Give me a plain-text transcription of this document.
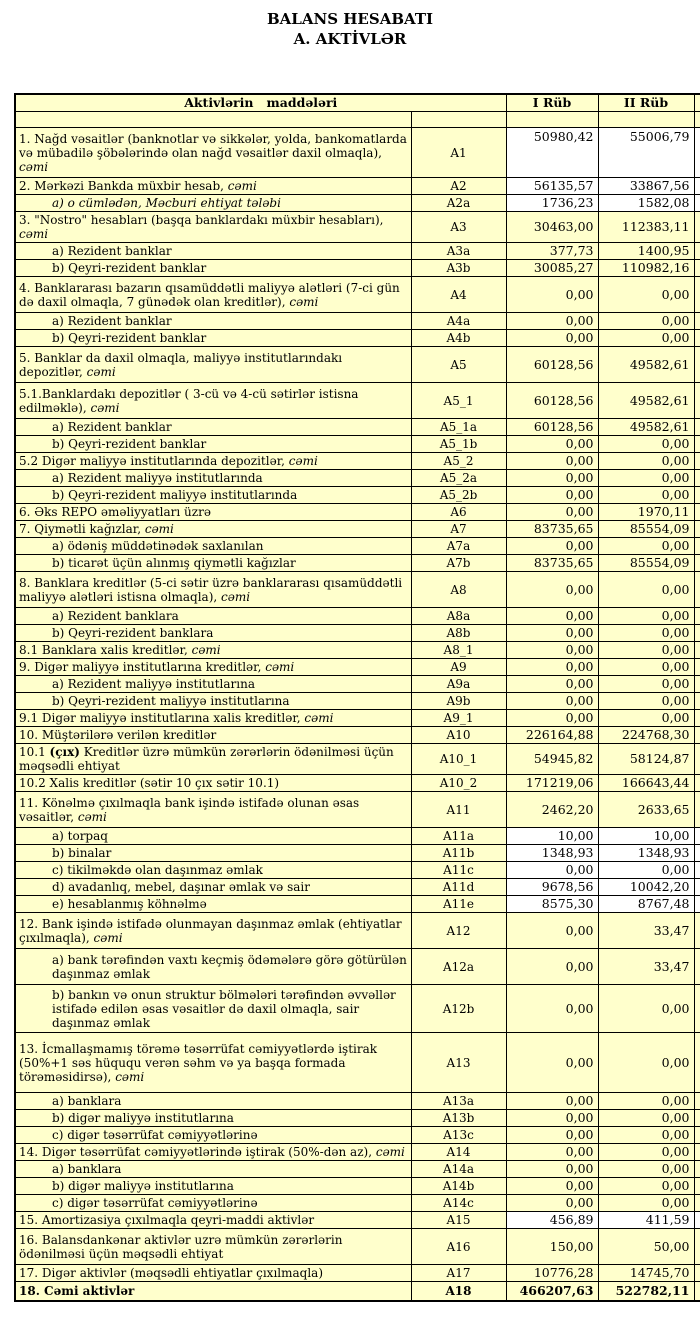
BALANS HESABATI
A. AKTİVLƏR
Aktivlərin   maddələri		I Rüb	II Rüb	

1. Nağd vəsaitlər (banknotlar və sikkələr, yolda, bankomatlarda və mübadilə şöbələrində olan nağd vəsaitlər daxil olmaqla), cəmi	A1	50980,42	55006,79	
2. Mərkəzi Bankda müxbir hesab, cəmi	A2	56135,57	33867,56	
a) o cümlədən, Məcburi ehtiyat tələbi	A2a	1736,23	1582,08	
3. "Nostro" hesabları (başqa banklardakı müxbir hesabları), cəmi	A3	30463,00	112383,11	
a) Rezident banklar	A3a	377,73	1400,95	
b) Qeyri-rezident banklar	A3b	30085,27	110982,16	
4. Banklararası bazarın qısamüddətli maliyyə alətləri (7-ci gün də daxil olmaqla, 7 günədək olan kreditlər), cəmi	A4	0,00	0,00	
a) Rezident banklar	A4a	0,00	0,00	
b) Qeyri-rezident banklar	A4b	0,00	0,00	
5. Banklar da daxil olmaqla, maliyyə institutlarındakı depozitlər, cəmi	A5	60128,56	49582,61	
5.1.Banklardakı depozitlər ( 3-cü və 4-cü sətirlər istisna edilməklə), cəmi	A5_1	60128,56	49582,61	
a) Rezident banklar	A5_1a	60128,56	49582,61	
b) Qeyri-rezident banklar	A5_1b	0,00	0,00	
5.2 Digər maliyyə institutlarında depozitlər, cəmi	A5_2	0,00	0,00	
a) Rezident maliyyə institutlarında	A5_2a	0,00	0,00	
b) Qeyri-rezident maliyyə institutlarında	A5_2b	0,00	0,00	
6. Əks REPO əməliyyatları üzrə	A6	0,00	1970,11	
7. Qiymətli kağızlar, cəmi	A7	83735,65	85554,09	
a) ödəniş müddətinədək saxlanılan	A7a	0,00	0,00	
b) ticarət üçün alınmış qiymətli kağızlar	A7b	83735,65	85554,09	
8. Banklara kreditlər (5-ci sətir üzrə banklararası qısamüddətli maliyyə alətləri istisna olmaqla), cəmi	A8	0,00	0,00	
a) Rezident banklara	A8a	0,00	0,00	
b) Qeyri-rezident banklara	A8b	0,00	0,00	
8.1 Banklara xalis kreditlər, cəmi	A8_1	0,00	0,00	
9. Digər maliyyə institutlarına kreditlər, cəmi	A9	0,00	0,00	
a) Rezident maliyyə institutlarına	A9a	0,00	0,00	
b) Qeyri-rezident maliyyə institutlarına	A9b	0,00	0,00	
9.1 Digər maliyyə institutlarına xalis kreditlər, cəmi	A9_1	0,00	0,00	
10. Müştərilərə verilən kreditlər	A10	226164,88	224768,30	
10.1 (çıx) Kreditlər üzrə mümkün zərərlərin ödənilməsi üçün məqsədli ehtiyat	A10_1	54945,82	58124,87	
10.2 Xalis kreditlər (sətir 10 çıx sətir 10.1)	A10_2	171219,06	166643,44	
11. Könəlmə çıxılmaqla bank işində istifadə olunan əsas vəsaitlər, cəmi	A11	2462,20	2633,65	
a) torpaq	A11a	10,00	10,00	
b) binalar	A11b	1348,93	1348,93	
c) tikilməkdə olan daşınmaz əmlak	A11c	0,00	0,00	
d) avadanlıq, mebel, daşınar əmlak və sair	A11d	9678,56	10042,20	
e) hesablanmış köhnəlmə	A11e	8575,30	8767,48	
12. Bank işində istifadə olunmayan daşınmaz əmlak (ehtiyatlar çıxılmaqla), cəmi	A12	0,00	33,47	
a) bank tərəfindən vaxtı keçmiş ödəmələrə görə götürülən daşınmaz əmlak	A12a	0,00	33,47	
b) bankın və onun struktur bölmələri tərəfindən əvvəllər istifadə edilən əsas vəsaitlər də daxil olmaqla, sair daşınmaz əmlak	A12b	0,00	0,00	
13. İcmallaşmamış törəmə təsərrüfat cəmiyyətlərdə iştirak (50%+1 səs hüququ verən səhm və ya başqa formada törəməsidirsə), cəmi	A13	0,00	0,00	
a) banklara	A13a	0,00	0,00	
b) digər maliyyə institutlarına	A13b	0,00	0,00	
c) digər təsərrüfat cəmiyyətlərinə	A13c	0,00	0,00	
14. Digər təsərrüfat cəmiyyətlərində iştirak (50%-dən az), cəmi	A14	0,00	0,00	
a) banklara	A14a	0,00	0,00	
b) digər maliyyə institutlarına	A14b	0,00	0,00	
c) digər təsərrüfat cəmiyyətlərinə	A14c	0,00	0,00	
15. Amortizasiya çıxılmaqla qeyri-maddi aktivlər	A15	456,89	411,59	
16. Balansdankənar aktivlər uzrə mümkün zərərlərin ödənilməsi üçün məqsədli ehtiyat	A16	150,00	50,00	
17. Digər aktivlər (məqsədli ehtiyatlar çıxılmaqla)	A17	10776,28	14745,70	
18. Cəmi aktivlər	A18	466207,63	522782,11	
